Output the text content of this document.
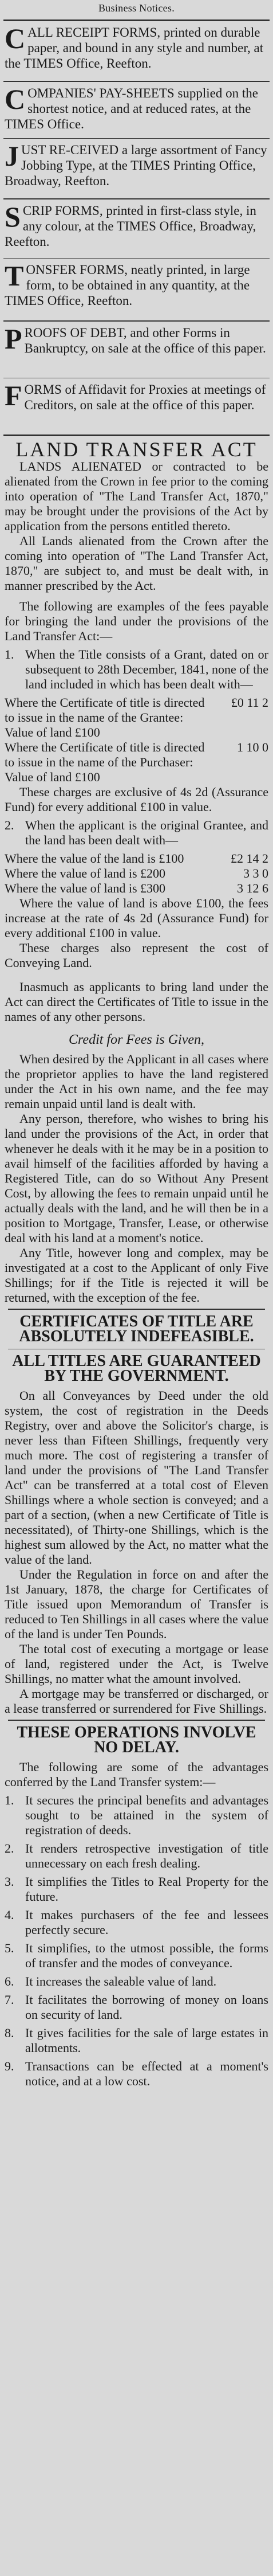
Business Notices.
C ALL RECEIPT FORMS, printed on durable paper, and bound in any style and number, at the TIMES Office, Reefton.
C OMPANIES' PAY-SHEETS supplied on the shortest notice, and at reduced rates, at the TIMES Office.
J UST RE-CEIVED a large assortment of Fancy Jobbing Type, at the TIMES Printing Office, Broadway, Reefton.
S CRIP FORMS, printed in first-class style, in any colour, at the TIMES Office, Broadway, Reefton.
T ONSFER FORMS, neatly printed, in large form, to be obtained in any quantity, at the TIMES Office, Reefton.
P ROOFS OF DEBT, and other Forms in Bankruptcy, on sale at the office of this paper.
F ORMS of Affidavit for Proxies at meetings of Creditors, on sale at the office of this paper.
LAND TRANSFER ACT
LANDS ALIENATED or contracted to be alienated from the Crown in fee prior to the coming into operation of "The Land Transfer Act, 1870," may be brought under the provisions of the Act by application from the persons entitled thereto.
All Lands alienated from the Crown after the coming into operation of "The Land Transfer Act, 1870," are subject to, and must be dealt with, in manner prescribed by the Act.
The following are examples of the fees payable for bringing the land under the provisions of the Land Transfer Act:—
1. When the Title consists of a Grant, dated on or subsequent to 28th December, 1841, none of the land included in which has been dealt with—
Where the Certificate of title is directed to issue in the name of the Grantee: Value of land £100
£0 11 2
Where the Certificate of title is directed to issue in the name of the Purchaser: Value of land £100
1 10 0
These charges are exclusive of 4s 2d (Assurance Fund) for every additional £100 in value.
2. When the applicant is the original Grantee, and the land has been dealt with—
Where the value of the land is £100	£2 14 2
Where the value of land is £200	3 3 0
Where the value of land is £300	3 12 6
Where the value of land is above £100, the fees increase at the rate of 4s 2d (Assurance Fund) for every additional £100 in value.
These charges also represent the cost of Conveying Land.
Inasmuch as applicants to bring land under the Act can direct the Certificates of Title to issue in the names of any other persons.
Credit for Fees is Given,
When desired by the Applicant in all cases where the proprietor applies to have the land registered under the Act in his own name, and the fee may remain unpaid until land is dealt with.
Any person, therefore, who wishes to bring his land under the provisions of the Act, in order that whenever he deals with it he may be in a position to avail himself of the facilities afforded by having a Registered Title, can do so Without Any Present Cost, by allowing the fees to remain unpaid until he actually deals with the land, and he will then be in a position to Mortgage, Transfer, Lease, or otherwise deal with his land at a moment's notice.
Any Title, however long and complex, may be investigated at a cost to the Applicant of only Five Shillings; for if the Title is rejected it will be returned, with the exception of the fee.
CERTIFICATES OF TITLE ARE ABSOLUTELY INDEFEASIBLE.
ALL TITLES ARE GUARANTEED BY THE GOVERNMENT.
On all Conveyances by Deed under the old system, the cost of registration in the Deeds Registry, over and above the Solicitor's charge, is never less than Fifteen Shillings, frequently very much more. The cost of registering a transfer of land under the provisions of "The Land Transfer Act" can be transferred at a total cost of Eleven Shillings where a whole section is conveyed; and a part of a section, (when a new Certificate of Title is necessitated), of Thirty-one Shillings, which is the highest sum allowed by the Act, no matter what the value of the land.
Under the Regulation in force on and after the 1st January, 1878, the charge for Certificates of Title issued upon Memorandum of Transfer is reduced to Ten Shillings in all cases where the value of the land is under Ten Pounds.
The total cost of executing a mortgage or lease of land, registered under the Act, is Twelve Shillings, no matter what the amount involved.
A mortgage may be transferred or discharged, or a lease transferred or surrendered for Five Shillings.
THESE OPERATIONS INVOLVE NO DELAY.
The following are some of the advantages conferred by the Land Transfer system:—
1. It secures the principal benefits and advantages sought to be attained in the system of registration of deeds.
2. It renders retrospective investigation of title unnecessary on each fresh dealing.
3. It simplifies the Titles to Real Property for the future.
4. It makes purchasers of the fee and lessees perfectly secure.
5. It simplifies, to the utmost possible, the forms of transfer and the modes of conveyance.
6. It increases the saleable value of land.
7. It facilitates the borrowing of money on loans on security of land.
8. It gives facilities for the sale of large estates in allotments.
9. Transactions can be effected at a moment's notice, and at a low cost.
